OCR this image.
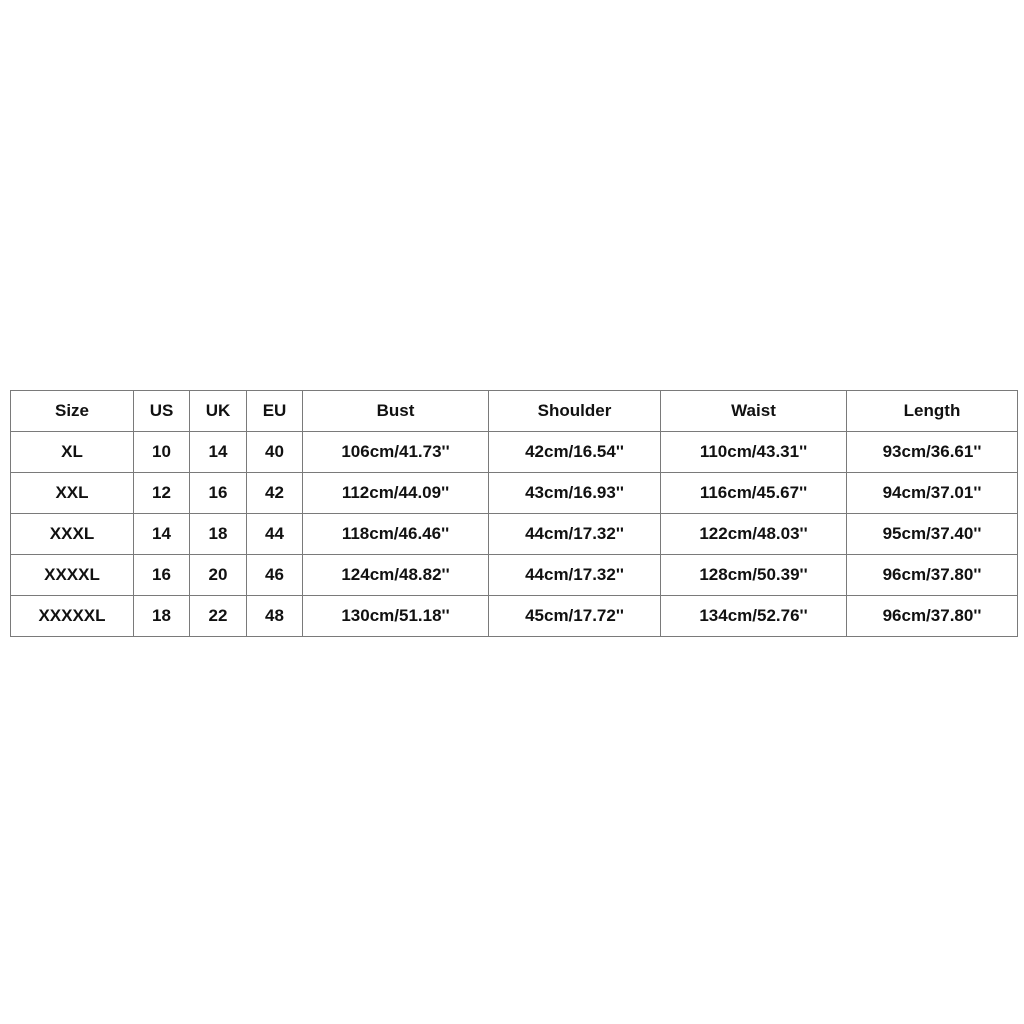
Size	US	UK	EU	Bust	Shoulder	Waist	Length
XL	10	14	40	106cm/41.73''	42cm/16.54''	110cm/43.31''	93cm/36.61''
XXL	12	16	42	112cm/44.09''	43cm/16.93''	116cm/45.67''	94cm/37.01''
XXXL	14	18	44	118cm/46.46''	44cm/17.32''	122cm/48.03''	95cm/37.40''
XXXXL	16	20	46	124cm/48.82''	44cm/17.32''	128cm/50.39''	96cm/37.80''
XXXXXL	18	22	48	130cm/51.18''	45cm/17.72''	134cm/52.76''	96cm/37.80''
